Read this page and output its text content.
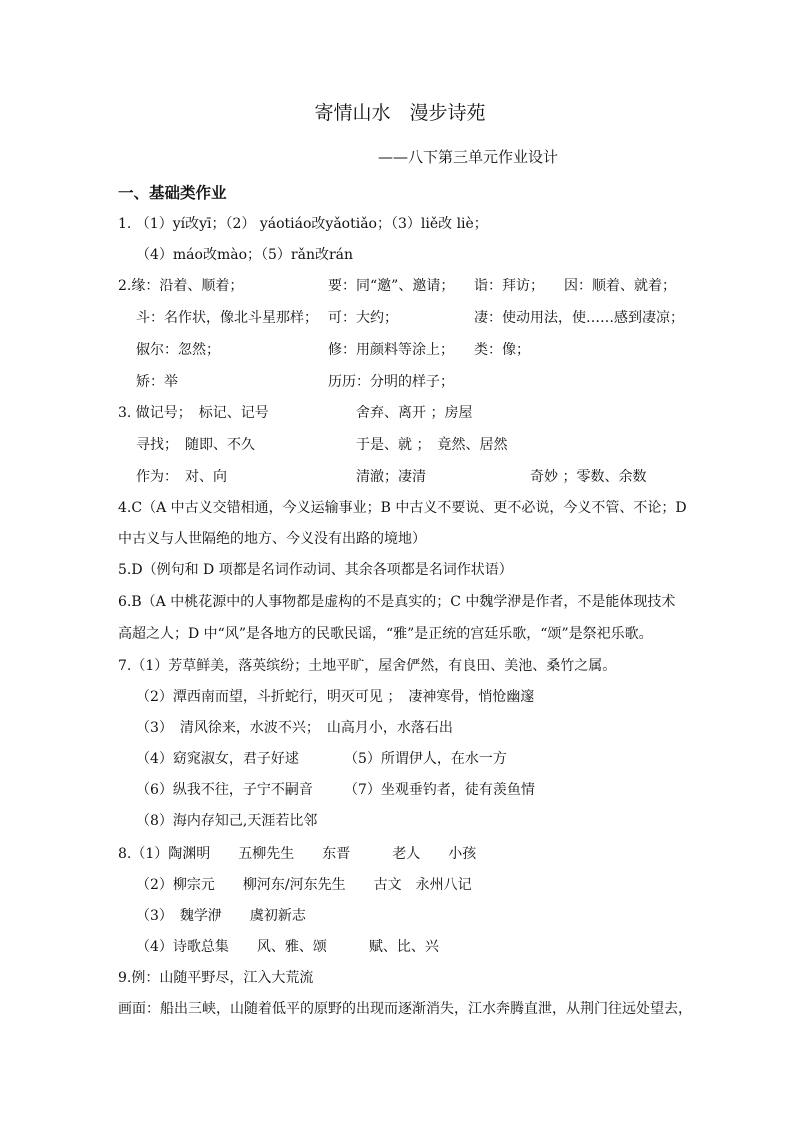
寄情山水　漫步诗苑
——八下第三单元作业设计
一、基础类作业
1. （1）yí改yī；（2） yáotiáo改yǎotiǎo；（3）liě改 liè；
（4）máo改mào；（5）rǎn改rán
2.缘：沿着、顺着；	要：同“邀”、邀请； 诣：拜访； 因：顺着、就着；
斗：名作状，像北斗星那样； 可：大约；	凄：使动用法，使……感到凄凉；
俶尔：忽然；	修：用颜料等涂上； 类：像；
矫：举	历历：分明的样子；
3. 做记号；　标记、记号	舍弃、离开 ；房屋
寻找；　随即、不久	于是、就 ；　竟然、居然
作为：　对、向	清澈；凄清	奇妙 ；零数、余数
4.C（A 中古义交错相通，今义运输事业；B 中古义不要说、更不必说，今义不管、不论；D
中古义与人世隔绝的地方、今义没有出路的境地）
5.D（例句和 D 项都是名词作动词、其余各项都是名词作状语）
6.B（A 中桃花源中的人事物都是虚构的不是真实的；C 中魏学洢是作者，不是能体现技术
高超之人；D 中“风”是各地方的民歌民谣，“雅”是正统的宫廷乐歌，“颂”是祭祀乐歌。
7.（1）芳草鲜美，落英缤纷；土地平旷，屋舍俨然，有良田、美池、桑竹之属。
（2）潭西南而望，斗折蛇行，明灭可见 ；　凄神寒骨，悄怆幽邃
（3）　清风徐来，水波不兴；　山高月小，水落石出
（4）窈窕淑女，君子好逑	（5）所谓伊人，在水一方
（6）纵我不往，子宁不嗣音 （7）坐观垂钓者，徒有羡鱼情
（8）海内存知己,天涯若比邻
8.（1）陶渊明　　五柳先生　　东晋　　　老人　　小孩
（2）柳宗元　　柳河东/河东先生　　古文　永州八记
（3）　魏学洢　　虞初新志
（4）诗歌总集　　风、雅、颂　　　赋、比、兴
9.例：山随平野尽，江入大荒流
画面：船出三峡，山随着低平的原野的出现而逐渐消失，江水奔腾直泄，从荆门往远处望去，
